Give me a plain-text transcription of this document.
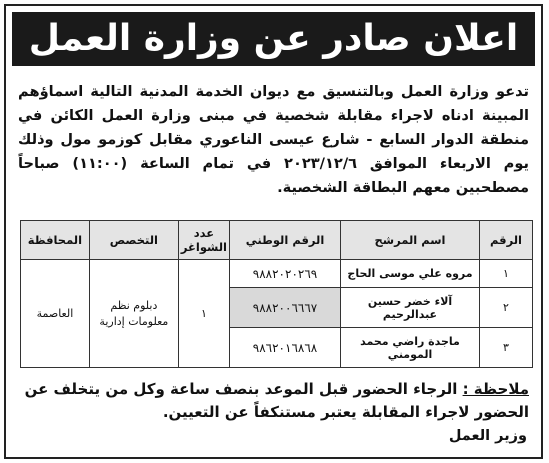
اعلان صادر عن وزارة العمل
تدعو وزارة العمل وبالتنسيق مع ديوان الخدمة المدنية التالية اسماؤهم المبينة ادناه لاجراء مقابلة شخصية في مبنى وزارة العمل الكائن في منطقة الدوار السابع - شارع عيسى الناعوري مقابل كوزمو مول وذلك يوم الاربعاء الموافق ٢٠٢٣/١٢/٦ في تمام الساعة (١١:٠٠) صباحاً مصطحبين معهم البطاقة الشخصية.
الرقم	اسم المرشح	الرقم الوطني	عدد الشواغر	التخصص	المحافظة
١	مروه علي موسى الحاج	٩٨٨٢٠٢٠٢٦٩	١	دبلوم نظم معلومات إدارية	العاصمة
٢	آلاء خضر حسين عبدالرحيم	٩٨٨٢٠٠٦٦٦٧			
٣	ماجدة راضي محمد المومني	٩٨٦٢٠١٦٨٦٨			
ملاحظة : الرجاء الحضور قبل الموعد بنصف ساعة وكل من يتخلف عن الحضور لاجراء المقابلة يعتبر مستنكفاً عن التعيين.
وزير العمل
